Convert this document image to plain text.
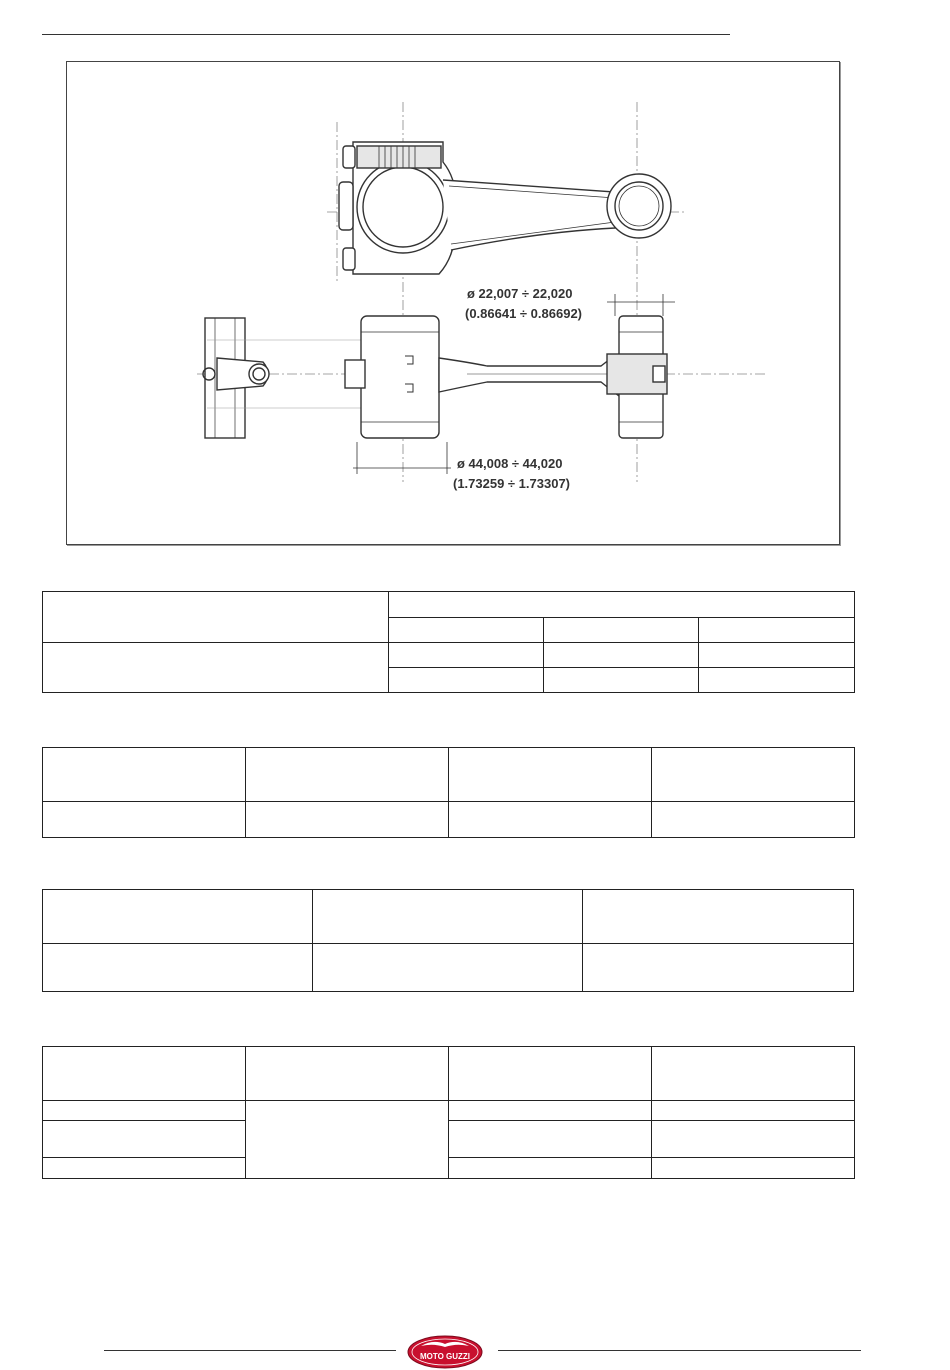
ø 22,007 ÷ 22,020
(0.86641 ÷ 0.86692)
ø 44,008 ÷ 44,020
(1.73259 ÷ 1.73307)

MOTO GUZZI
